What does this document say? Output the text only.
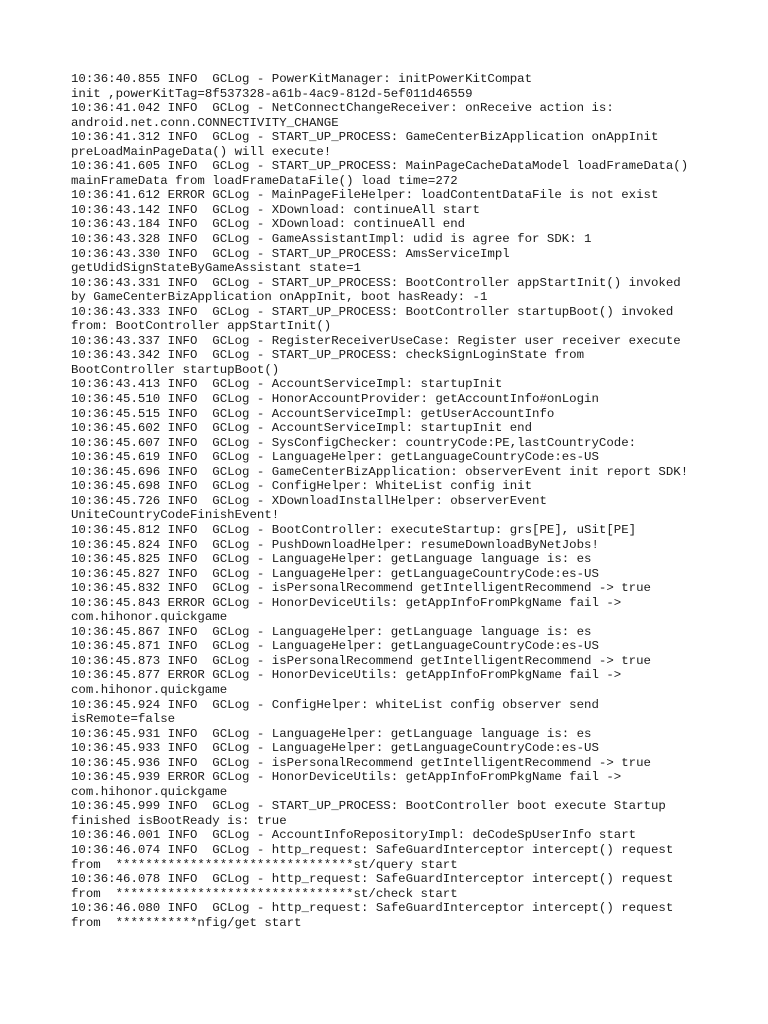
10:36:40.855 INFO  GCLog - PowerKitManager: initPowerKitCompat
init ,powerKitTag=8f537328-a61b-4ac9-812d-5ef011d46559
10:36:41.042 INFO  GCLog - NetConnectChangeReceiver: onReceive action is:
android.net.conn.CONNECTIVITY_CHANGE
10:36:41.312 INFO  GCLog - START_UP_PROCESS: GameCenterBizApplication onAppInit
preLoadMainPageData() will execute!
10:36:41.605 INFO  GCLog - START_UP_PROCESS: MainPageCacheDataModel loadFrameData()
mainFrameData from loadFrameDataFile() load time=272
10:36:41.612 ERROR GCLog - MainPageFileHelper: loadContentDataFile is not exist
10:36:43.142 INFO  GCLog - XDownload: continueAll start
10:36:43.184 INFO  GCLog - XDownload: continueAll end
10:36:43.328 INFO  GCLog - GameAssistantImpl: udid is agree for SDK: 1
10:36:43.330 INFO  GCLog - START_UP_PROCESS: AmsServiceImpl
getUdidSignStateByGameAssistant state=1
10:36:43.331 INFO  GCLog - START_UP_PROCESS: BootController appStartInit() invoked
by GameCenterBizApplication onAppInit, boot hasReady: -1
10:36:43.333 INFO  GCLog - START_UP_PROCESS: BootController startupBoot() invoked
from: BootController appStartInit()
10:36:43.337 INFO  GCLog - RegisterReceiverUseCase: Register user receiver execute
10:36:43.342 INFO  GCLog - START_UP_PROCESS: checkSignLoginState from
BootController startupBoot()
10:36:43.413 INFO  GCLog - AccountServiceImpl: startupInit
10:36:45.510 INFO  GCLog - HonorAccountProvider: getAccountInfo#onLogin
10:36:45.515 INFO  GCLog - AccountServiceImpl: getUserAccountInfo
10:36:45.602 INFO  GCLog - AccountServiceImpl: startupInit end
10:36:45.607 INFO  GCLog - SysConfigChecker: countryCode:PE,lastCountryCode:
10:36:45.619 INFO  GCLog - LanguageHelper: getLanguageCountryCode:es-US
10:36:45.696 INFO  GCLog - GameCenterBizApplication: observerEvent init report SDK!
10:36:45.698 INFO  GCLog - ConfigHelper: WhiteList config init
10:36:45.726 INFO  GCLog - XDownloadInstallHelper: observerEvent
UniteCountryCodeFinishEvent!
10:36:45.812 INFO  GCLog - BootController: executeStartup: grs[PE], uSit[PE]
10:36:45.824 INFO  GCLog - PushDownloadHelper: resumeDownloadByNetJobs!
10:36:45.825 INFO  GCLog - LanguageHelper: getLanguage language is: es
10:36:45.827 INFO  GCLog - LanguageHelper: getLanguageCountryCode:es-US
10:36:45.832 INFO  GCLog - isPersonalRecommend getIntelligentRecommend -> true
10:36:45.843 ERROR GCLog - HonorDeviceUtils: getAppInfoFromPkgName fail ->
com.hihonor.quickgame
10:36:45.867 INFO  GCLog - LanguageHelper: getLanguage language is: es
10:36:45.871 INFO  GCLog - LanguageHelper: getLanguageCountryCode:es-US
10:36:45.873 INFO  GCLog - isPersonalRecommend getIntelligentRecommend -> true
10:36:45.877 ERROR GCLog - HonorDeviceUtils: getAppInfoFromPkgName fail ->
com.hihonor.quickgame
10:36:45.924 INFO  GCLog - ConfigHelper: whiteList config observer send
isRemote=false
10:36:45.931 INFO  GCLog - LanguageHelper: getLanguage language is: es
10:36:45.933 INFO  GCLog - LanguageHelper: getLanguageCountryCode:es-US
10:36:45.936 INFO  GCLog - isPersonalRecommend getIntelligentRecommend -> true
10:36:45.939 ERROR GCLog - HonorDeviceUtils: getAppInfoFromPkgName fail ->
com.hihonor.quickgame
10:36:45.999 INFO  GCLog - START_UP_PROCESS: BootController boot execute Startup
finished isBootReady is: true
10:36:46.001 INFO  GCLog - AccountInfoRepositoryImpl: deCodeSpUserInfo start
10:36:46.074 INFO  GCLog - http_request: SafeGuardInterceptor intercept() request
from  ********************************st/query start
10:36:46.078 INFO  GCLog - http_request: SafeGuardInterceptor intercept() request
from  ********************************st/check start
10:36:46.080 INFO  GCLog - http_request: SafeGuardInterceptor intercept() request
from  ***********nfig/get start
